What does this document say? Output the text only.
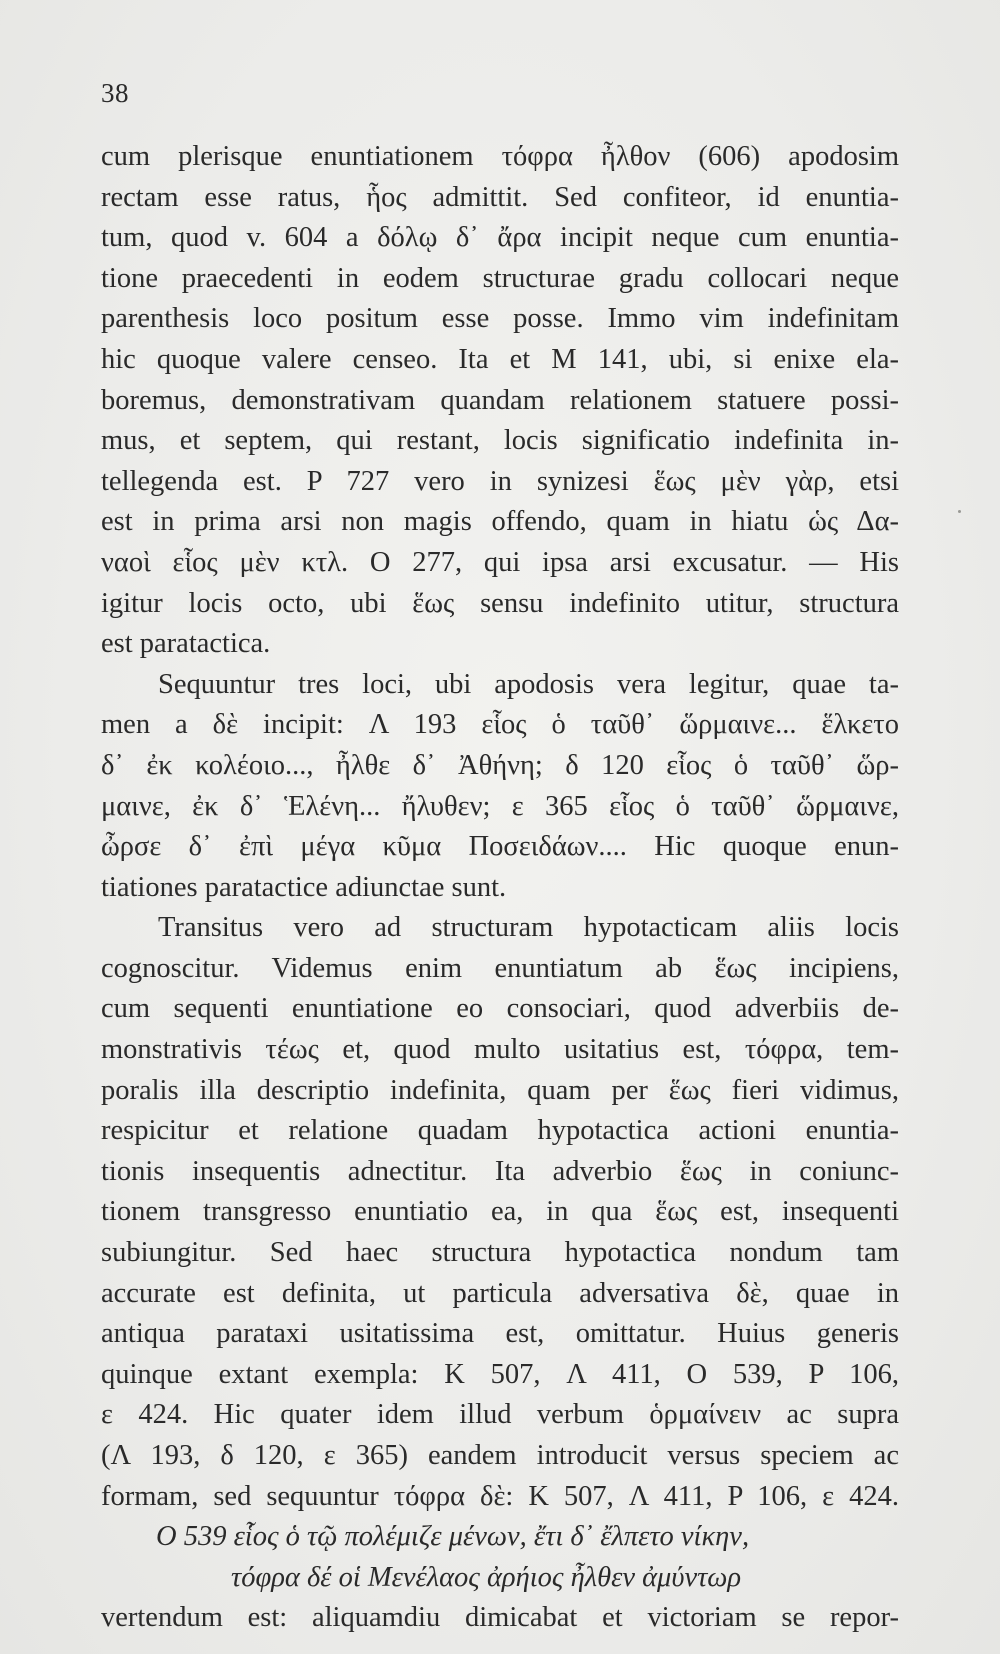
38
cum plerisque enuntiationem τόφρα ἦλθον (606) apodosim
rectam esse ratus, ἧος admittit. Sed confiteor, id enuntia-
tum, quod v. 604 a δόλῳ δ᾿ ἄρα incipit neque cum enuntia-
tione praecedenti in eodem structurae gradu collocari neque
parenthesis loco positum esse posse. Immo vim indefinitam
hic quoque valere censeo. Ita et M 141, ubi, si enixe ela-
boremus, demonstrativam quandam relationem statuere possi-
mus, et septem, qui restant, locis significatio indefinita in-
tellegenda est. P 727 vero in synizesi ἕως μὲν γὰρ, etsi
est in prima arsi non magis offendo, quam in hiatu ὡς Δα-
ναοὶ εἷος μὲν κτλ. O 277, qui ipsa arsi excusatur. — His
igitur locis octo, ubi ἕως sensu indefinito utitur, structura
est paratactica.
Sequuntur tres loci, ubi apodosis vera legitur, quae ta-
men a δὲ incipit: Λ 193 εἷος ὁ ταῦθ᾿ ὥρμαινε... ἕλκετο
δ᾿ ἐκ κολέοιο..., ἦλθε δ᾿ Ἀθήνη; δ 120 εἷος ὁ ταῦθ᾿ ὥρ-
μαινε, ἐκ δ᾿ Ἑλένη... ἤλυθεν; ε 365 εἷος ὁ ταῦθ᾿ ὥρμαινε,
ὦρσε δ᾿ ἐπὶ μέγα κῦμα Ποσειδάων.... Hic quoque enun-
tiationes paratactice adiunctae sunt.
Transitus vero ad structuram hypotacticam aliis locis
cognoscitur. Videmus enim enuntiatum ab ἕως incipiens,
cum sequenti enuntiatione eo consociari, quod adverbiis de-
monstrativis τέως et, quod multo usitatius est, τόφρα, tem-
poralis illa descriptio indefinita, quam per ἕως fieri vidimus,
respicitur et relatione quadam hypotactica actioni enuntia-
tionis insequentis adnectitur. Ita adverbio ἕως in coniunc-
tionem transgresso enuntiatio ea, in qua ἕως est, insequenti
subiungitur. Sed haec structura hypotactica nondum tam
accurate est definita, ut particula adversativa δὲ, quae in
antiqua parataxi usitatissima est, omittatur. Huius generis
quinque extant exempla: K 507, Λ 411, O 539, P 106,
ε 424. Hic quater idem illud verbum ὁρμαίνειν ac supra
(Λ 193, δ 120, ε 365) eandem introducit versus speciem ac
formam, sed sequuntur τόφρα δὲ: K 507, Λ 411, P 106, ε 424.
O 539 εἷος ὁ τῷ πολέμιζε μένων, ἔτι δ᾿ ἔλπετο νίκην,
τόφρα δέ οἱ Μενέλαος ἀρήιος ἦλθεν ἀμύντωρ
vertendum est: aliquamdiu dimicabat et victoriam se repor-
